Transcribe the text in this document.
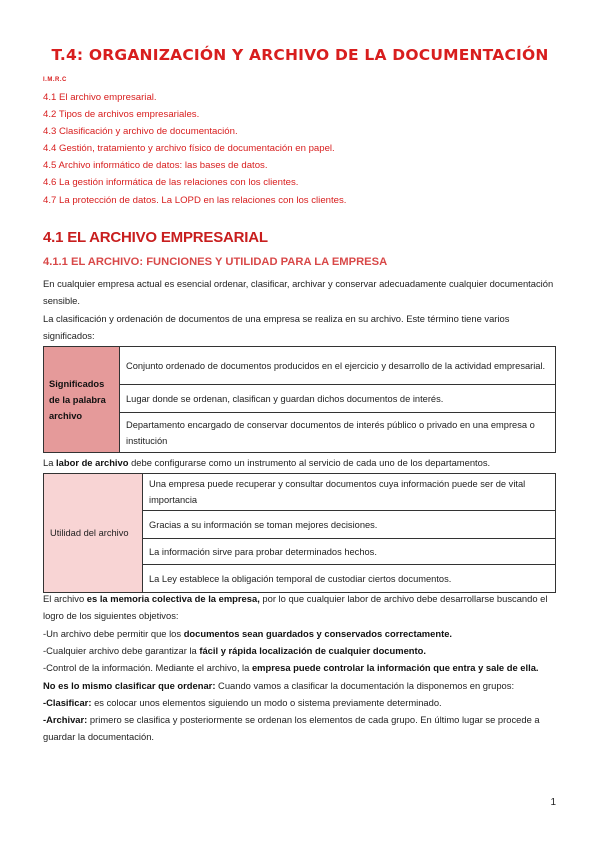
T.4: ORGANIZACIÓN Y ARCHIVO DE LA DOCUMENTACIÓN
I.M.R.C
4.1 El archivo empresarial.
4.2 Tipos de archivos empresariales.
4.3 Clasificación y archivo de documentación.
4.4 Gestión, tratamiento y archivo físico de documentación en papel.
4.5 Archivo informático de datos: las bases de datos.
4.6 La gestión informática de las relaciones con los clientes.
4.7 La protección de datos. La LOPD en las relaciones con los clientes.
4.1 EL ARCHIVO EMPRESARIAL
4.1.1 EL ARCHIVO: FUNCIONES Y UTILIDAD PARA LA EMPRESA
En cualquier empresa actual es esencial ordenar, clasificar, archivar y conservar adecuadamente cualquier documentación sensible.
La clasificación y ordenación de documentos de una empresa se realiza en su archivo. Este término tiene varios significados:
Significados de la palabra archivo	Conjunto ordenado de documentos producidos en el ejercicio y desarrollo de la actividad empresarial.
Lugar donde se ordenan, clasifican y guardan dichos documentos de interés.
Departamento encargado de conservar documentos de interés público o privado en una empresa o institución
La labor de archivo debe configurarse como un instrumento al servicio de cada uno de los departamentos.
Utilidad del archivo	Una empresa puede recuperar y consultar documentos cuya información puede ser de vital importancia
Gracias a su información se toman mejores decisiones.
La información sirve para probar determinados hechos.
La Ley establece la obligación temporal de custodiar ciertos documentos.
El archivo es la memoria colectiva de la empresa, por lo que cualquier labor de archivo debe desarrollarse buscando el logro de los siguientes objetivos:
-Un archivo debe permitir que los documentos sean guardados y conservados correctamente.
-Cualquier archivo debe garantizar la fácil y rápida localización de cualquier documento.
-Control de la información. Mediante el archivo, la empresa puede controlar la información que entra y sale de ella.
No es lo mismo clasificar que ordenar: Cuando vamos a clasificar la documentación la disponemos en grupos:
-Clasificar: es colocar unos elementos siguiendo un modo o sistema previamente determinado.
-Archivar: primero se clasifica y posteriormente se ordenan los elementos de cada grupo. En último lugar se procede a guardar la documentación.
1
